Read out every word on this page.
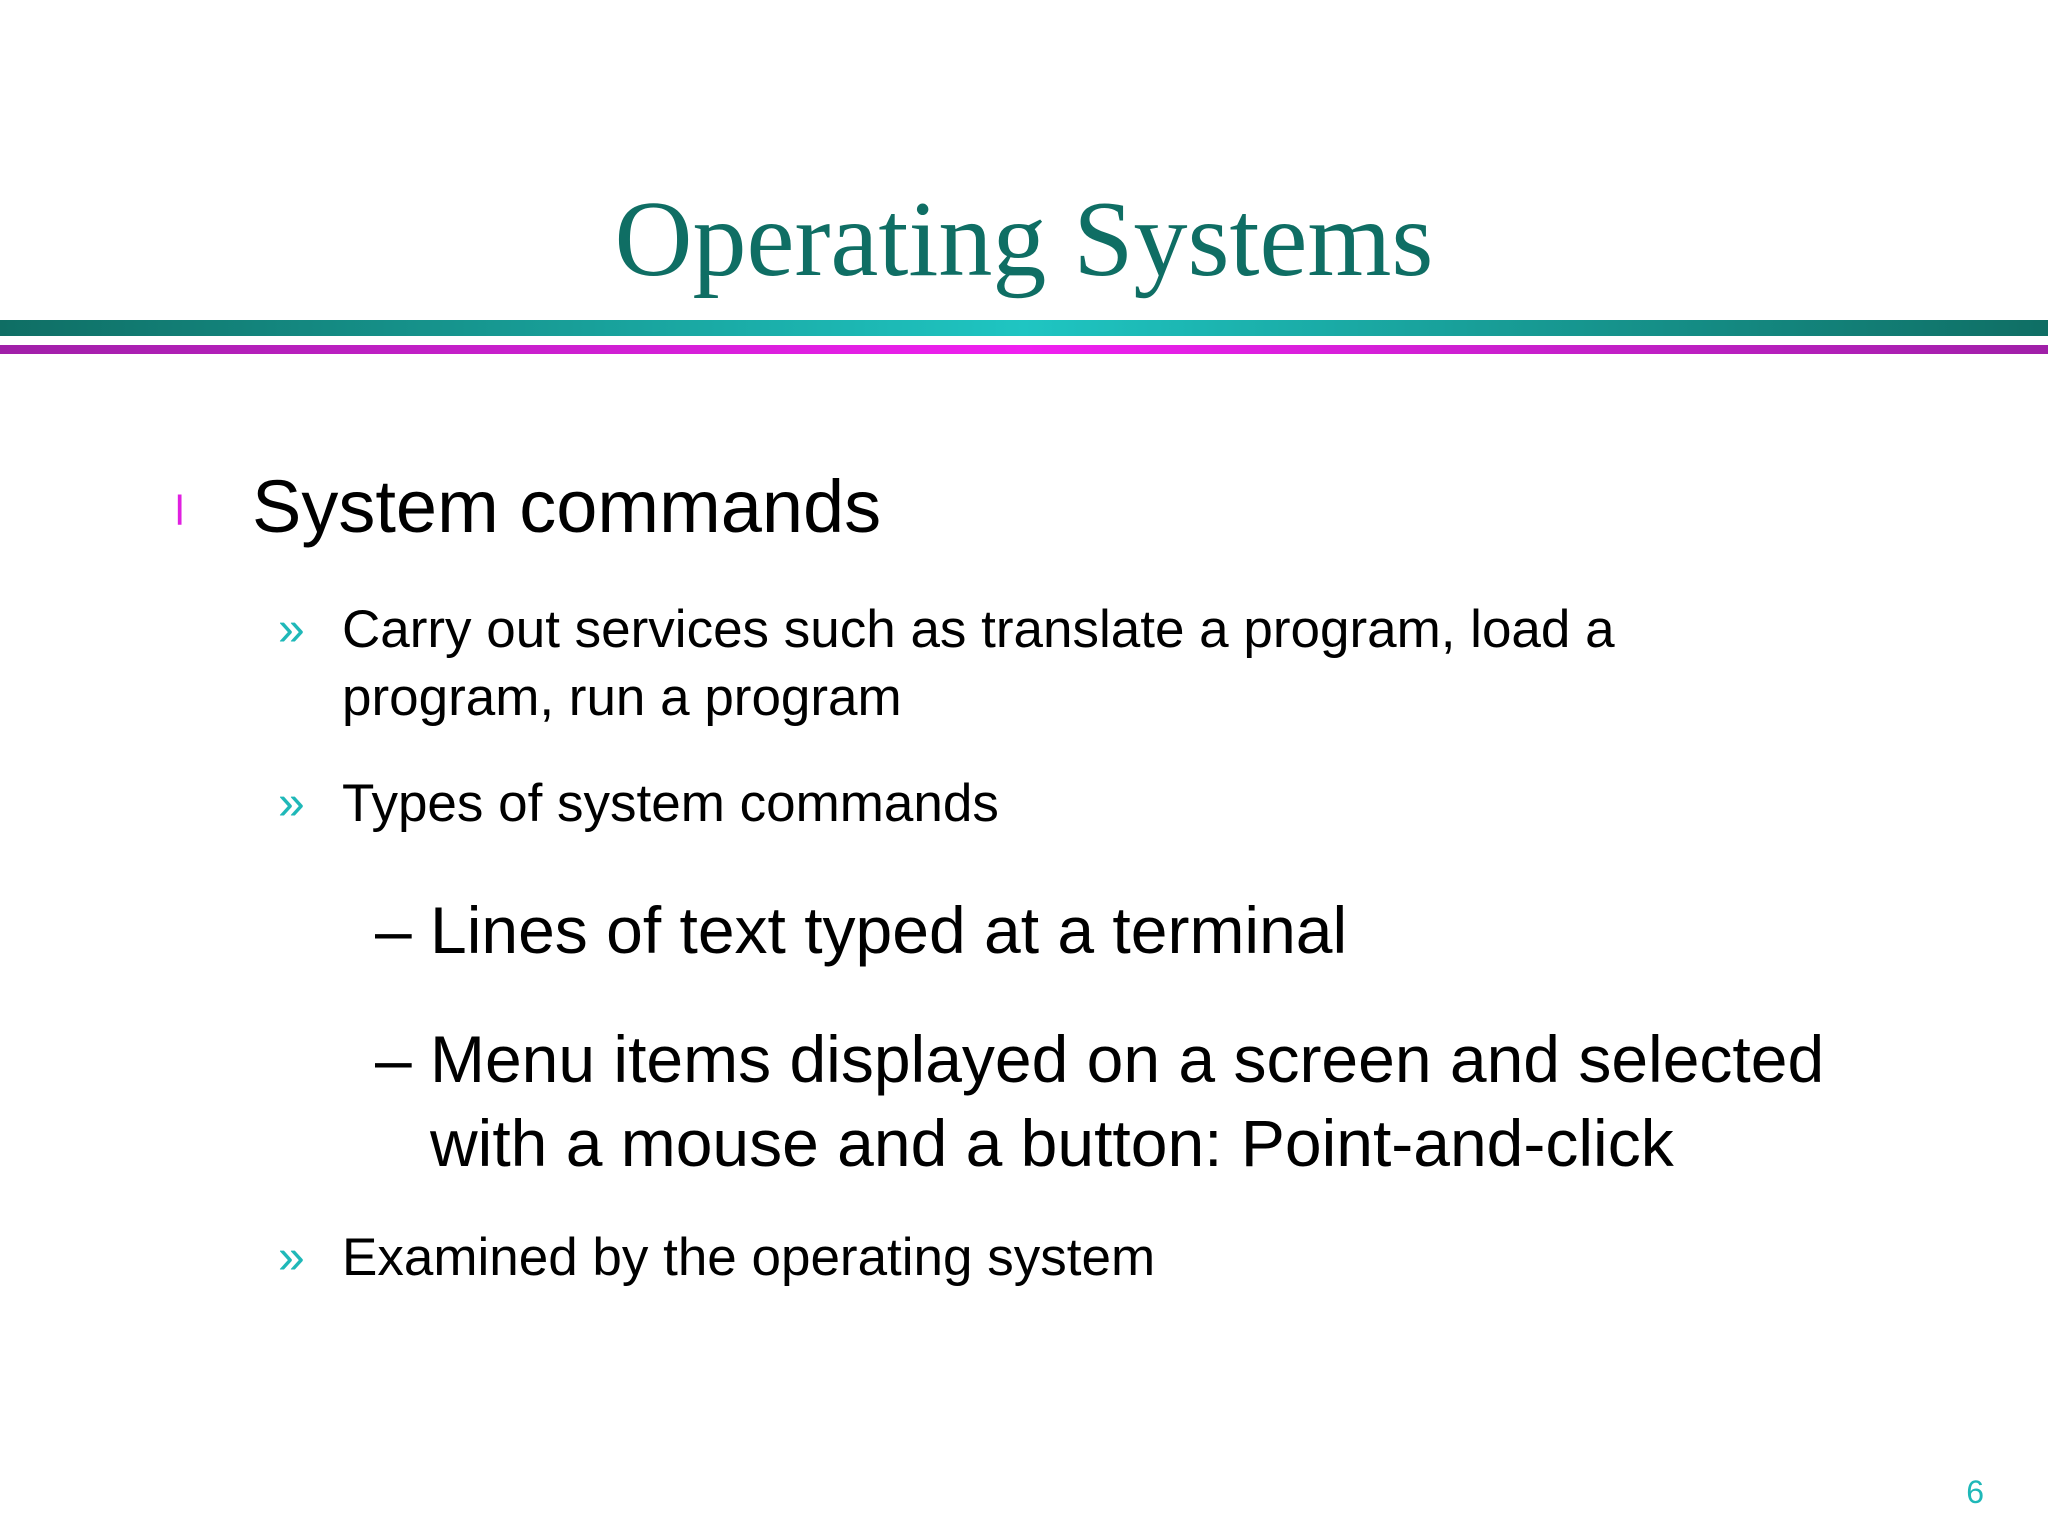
Operating Systems
l System commands
» Carry out services such as translate a program, load a program, run a program
» Types of system commands
– Lines of text typed at a terminal
– Menu items displayed on a screen and selected with a mouse and a button: Point-and-click
» Examined by the operating system
6
